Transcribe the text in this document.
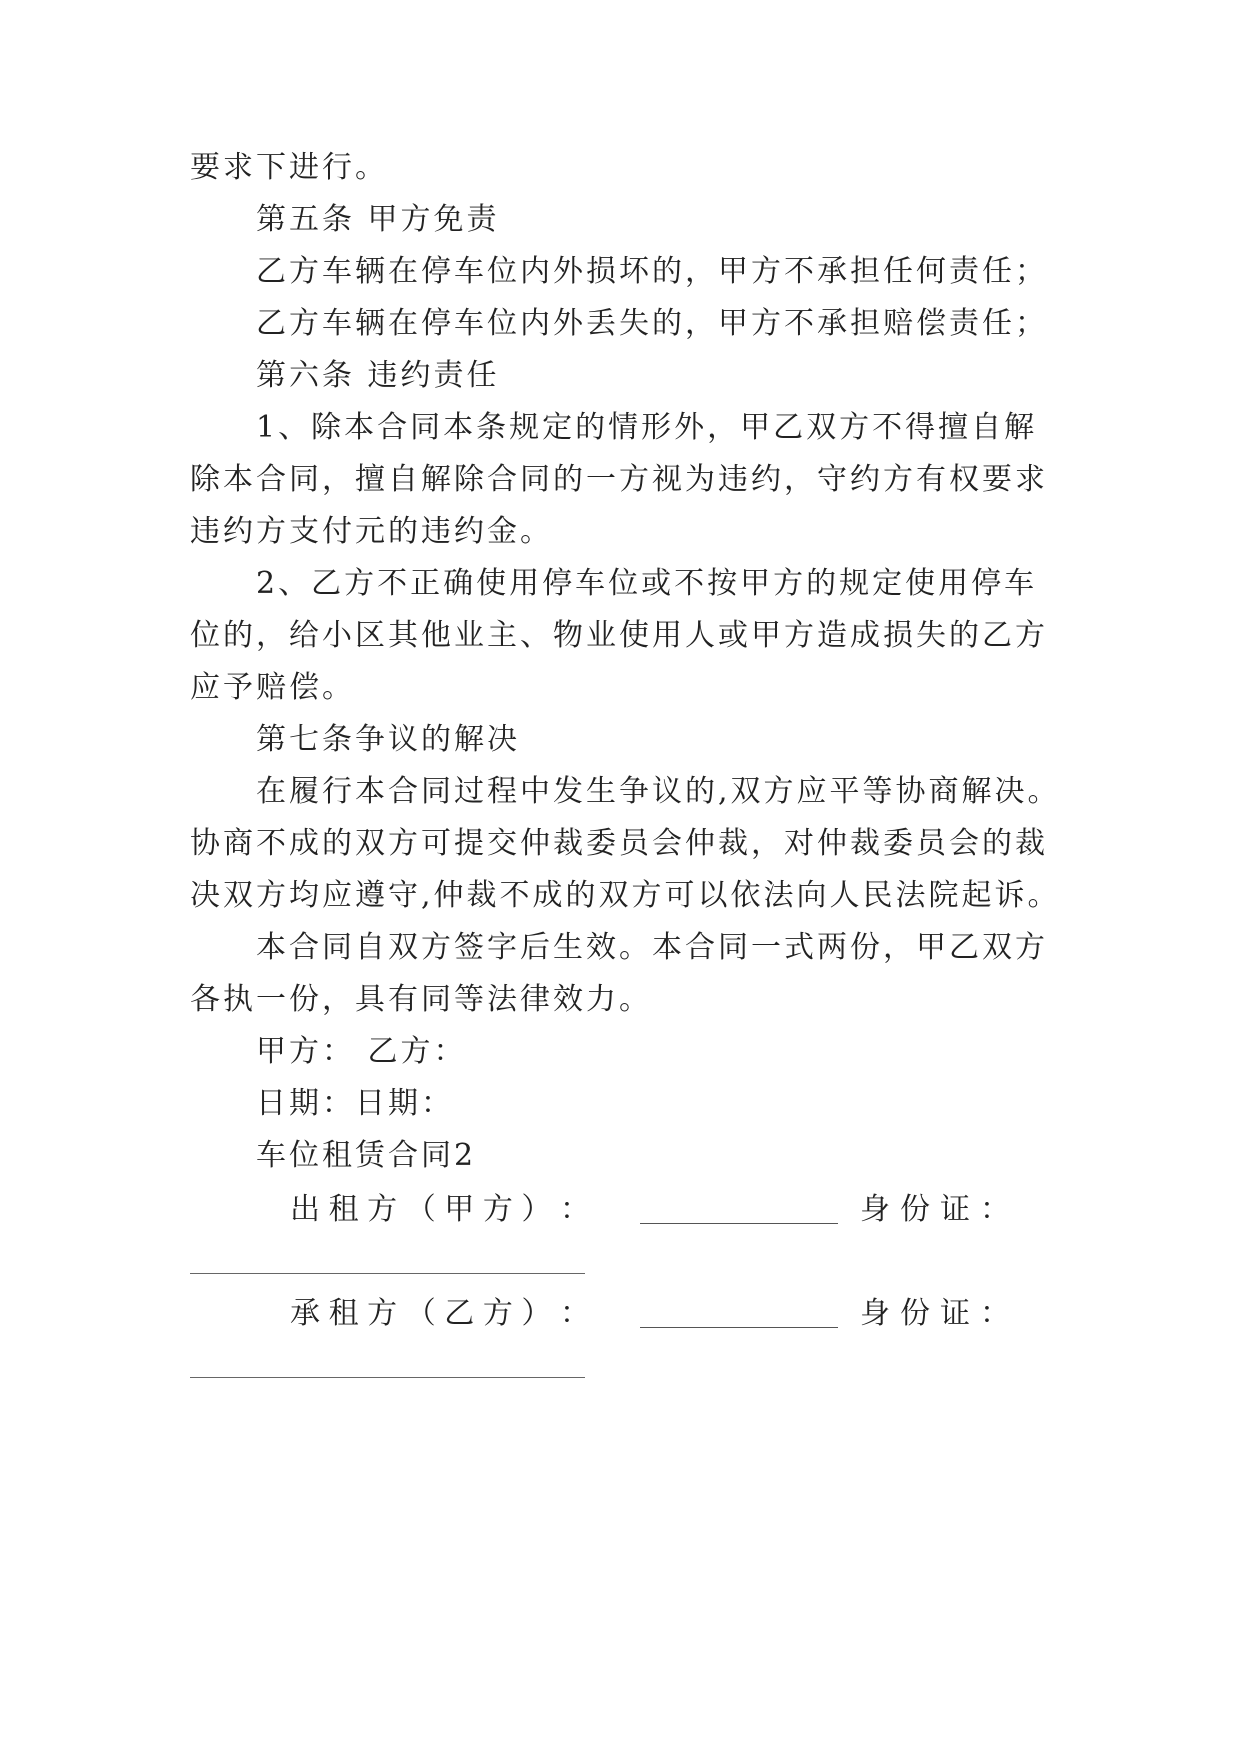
要求下进行。
第五条 甲方免责
乙方车辆在停车位内外损坏的，甲方不承担任何责任；
乙方车辆在停车位内外丢失的，甲方不承担赔偿责任；
第六条 违约责任
1、除本合同本条规定的情形外，甲乙双方不得擅自解
除本合同，擅自解除合同的一方视为违约，守约方有权要求
违约方支付元的违约金。
2、乙方不正确使用停车位或不按甲方的规定使用停车
位的，给小区其他业主、物业使用人或甲方造成损失的乙方
应予赔偿。
第七条争议的解决
在履行本合同过程中发生争议的,双方应平等协商解决。
协商不成的双方可提交仲裁委员会仲裁，对仲裁委员会的裁
决双方均应遵守,仲裁不成的双方可以依法向人民法院起诉。
本合同自双方签字后生效。本合同一式两份，甲乙双方
各执一份，具有同等法律效力。
甲方： 乙方：
日期：日期：
车位租赁合同2
出 租 方 （ 甲 方 ） ：	身 份 证 ：
承 租 方 （ 乙 方 ） ：	身 份 证 ：
